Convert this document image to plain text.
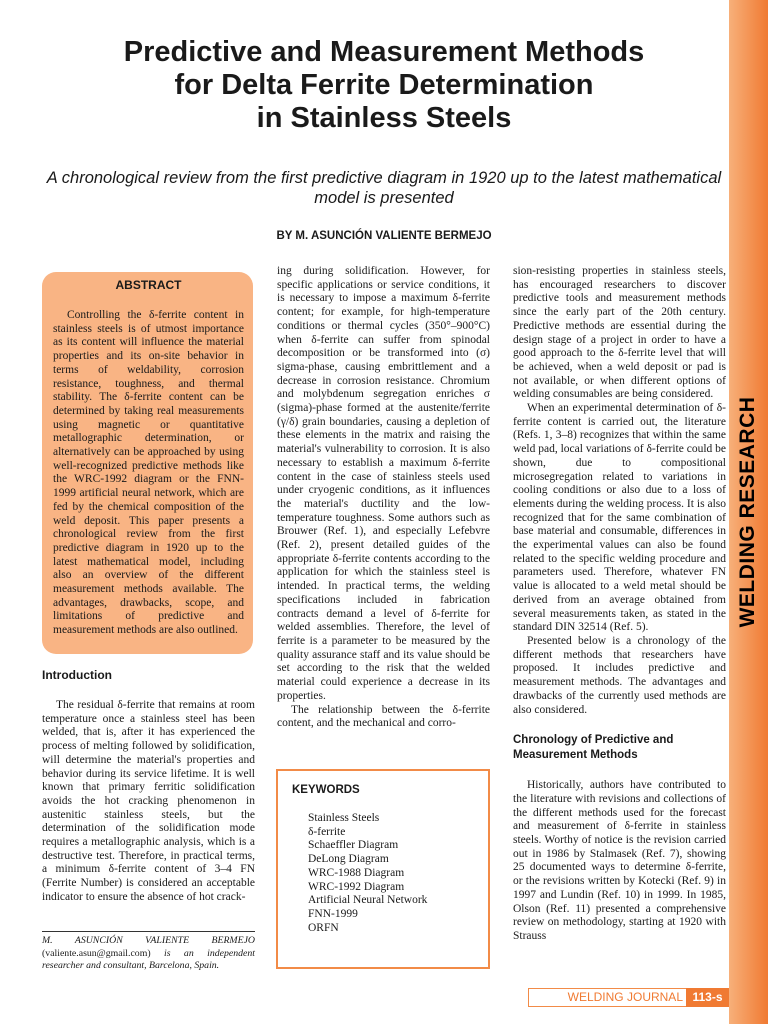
WELDING RESEARCH
Predictive and Measurement Methods
for Delta Ferrite Determination
in Stainless Steels

A chronological review from the first predictive diagram in 1920 up to the latest mathematical model is presented

BY M. ASUNCIÓN VALIENTE BERMEJO

ABSTRACT

Controlling the δ-ferrite content in stainless steels is of utmost importance as its content will influence the material properties and its on-site behavior in terms of weldability, corrosion resistance, toughness, and thermal stability. The δ-ferrite content can be determined by taking real measurements using magnetic or quantitative metallographic determination, or alternatively can be approached by using well-recognized predictive methods like the WRC-1992 diagram or the FNN-1999 artificial neural network, which are fed by the chemical composition of the weld deposit. This paper presents a chronological review from the first predictive diagram in 1920 up to the latest mathematical model, including also an overview of the different measurement methods available. The advantages, drawbacks, scope, and limitations of predictive and measurement methods are also outlined.

Introduction

The residual δ-ferrite that remains at room temperature once a stainless steel has been welded, that is, after it has experienced the process of melting followed by solidification, will determine the material's properties and behavior during its service lifetime. It is well known that primary ferritic solidification avoids the hot cracking phenomenon in austenitic stainless steels, but the determination of the solidification mode requires a metallographic analysis, which is a destructive test. Therefore, in practical terms, a minimum δ-ferrite content of 3–4 FN (Ferrite Number) is considered an acceptable indicator to ensure the absence of hot crack-

M. ASUNCIÓN VALIENTE BERMEJO (valiente.asun@gmail.com) is an independent researcher and consultant, Barcelona, Spain.

ing during solidification. However, for specific applications or service conditions, it is necessary to impose a maximum δ-ferrite content; for example, for high-temperature conditions or thermal cycles (350°–900°C) when δ-ferrite can suffer from spinodal decomposition or be transformed into (σ) sigma-phase, causing embrittlement and a decrease in corrosion resistance. Chromium and molybdenum segregation enriches σ (sigma)-phase formed at the austenite/ferrite (γ/δ) grain boundaries, causing a depletion of these elements in the matrix and raising the material's vulnerability to corrosion. It is also necessary to establish a maximum δ-ferrite content in the case of stainless steels used under cryogenic conditions, as it influences the material's ductility and the low-temperature toughness. Some authors such as Brouwer (Ref. 1), and especially Lefebvre (Ref. 2), present detailed guides of the appropriate δ-ferrite contents according to the application for which the stainless steel is intended. In practical terms, the welding specifications included in fabrication contracts demand a level of δ-ferrite for welded assemblies. Therefore, the level of ferrite is a parameter to be measured by the quality assurance staff and its value should be set according to the risk that the welded material could experience a decrease in its properties.

The relationship between the δ-ferrite content, and the mechanical and corro-

KEYWORDS
Stainless Steels
δ-ferrite
Schaeffler Diagram
DeLong Diagram
WRC-1988 Diagram
WRC-1992 Diagram
Artificial Neural Network
FNN-1999
ORFN

sion-resisting properties in stainless steels, has encouraged researchers to discover predictive tools and measurement methods since the early part of the 20th century. Predictive methods are essential during the design stage of a project in order to have a good approach to the δ-ferrite level that will be achieved, when a weld deposit or pad is not available, or when different options of welding consumables are being considered.

When an experimental determination of δ-ferrite content is carried out, the literature (Refs. 1, 3–8) recognizes that within the same weld pad, local variations of δ-ferrite could be shown, due to compositional microsegregation related to variations in cooling conditions or also due to a loss of elements during the welding process. It is also recognized that for the same combination of base material and consumable, differences in the experimental values can also be found related to the specific welding procedure and parameters used. Therefore, whatever FN value is allocated to a weld metal should be derived from an average obtained from several measurements taken, as stated in the standard DIN 32514 (Ref. 5).

Presented below is a chronology of the different methods that researchers have proposed. It includes predictive and measurement methods. The advantages and drawbacks of the currently used methods are also considered.

Chronology of Predictive and Measurement Methods

Historically, authors have contributed to the literature with revisions and collections of the different methods used for the forecast and measurement of δ-ferrite in stainless steels. Worthy of notice is the revision carried out in 1986 by Stalmasek (Ref. 7), showing 25 documented ways to determine δ-ferrite, or the revisions written by Kotecki (Ref. 9) in 1997 and Lundin (Ref. 10) in 1999. In 1985, Olson (Ref. 11) presented a comprehensive review on methodology, starting at 1920 with Strauss

WELDING JOURNAL 113-s
